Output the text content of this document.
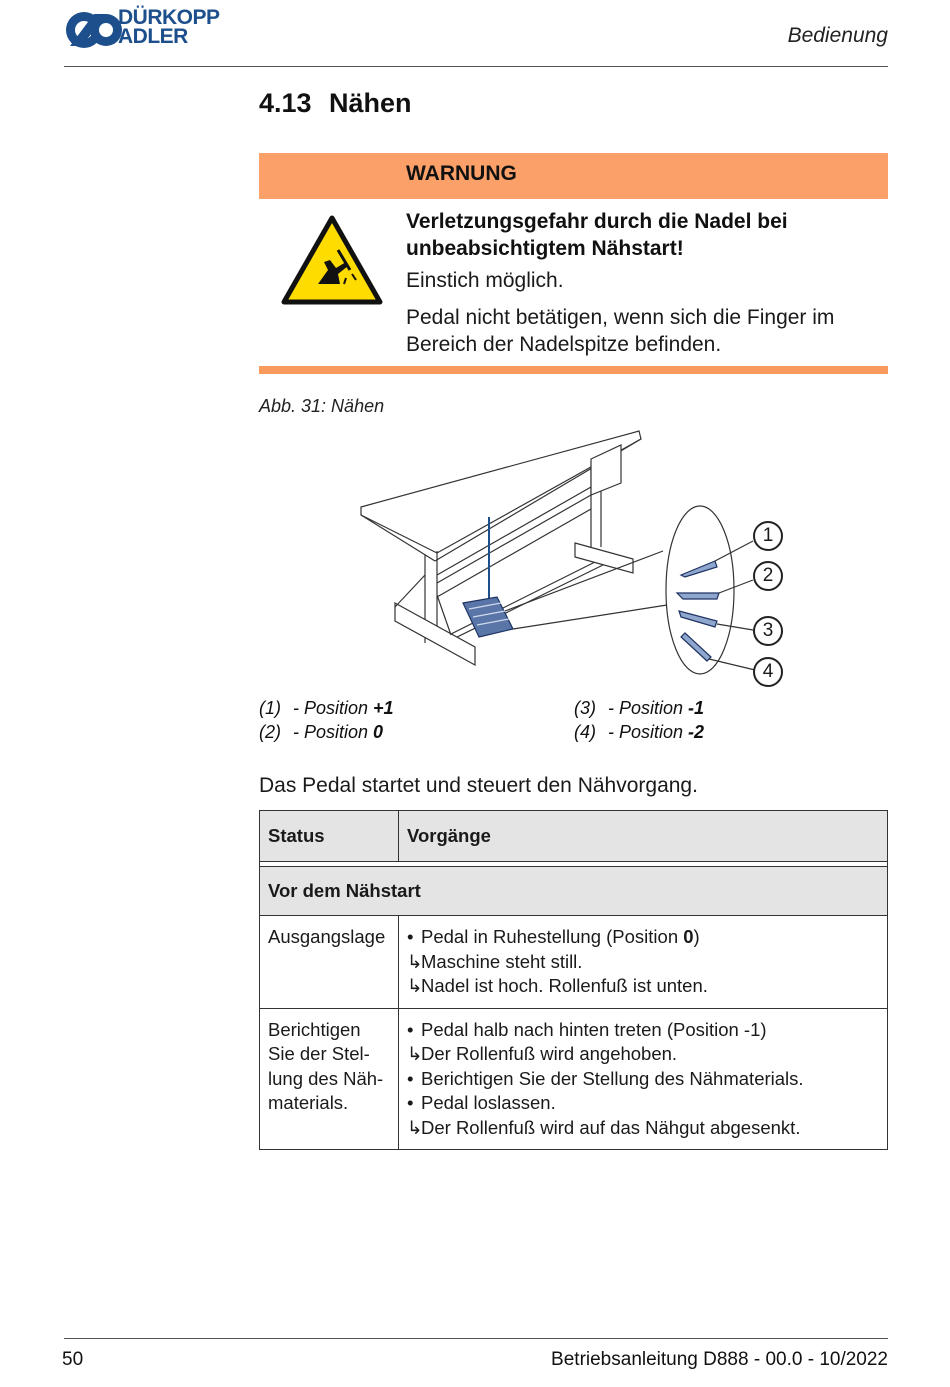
DÜRKOPP
ADLER	Bedienung
4.13 Nähen
WARNUNG
Verletzungsgefahr durch die Nadel bei unbeabsichtigtem Nähstart!
Einstich möglich.
Pedal nicht betätigen, wenn sich die Finger im Bereich der Nadelspitze befinden.
Abb. 31: Nähen
1
2
3
4
(1) - Position +1
(2) - Position 0
(3) - Position -1
(4) - Position -2
Das Pedal startet und steuert den Nähvorgang.
Status	Vorgänge

Vor dem Nähstart	
Ausgangslage	• Pedal in Ruhestellung (Position 0)
↳Maschine steht still.
↳Nadel ist hoch. Rollenfuß ist unten.

Berichtigen Sie der Stellung des Nähmaterials.	• Pedal halb nach hinten treten (Position -1)
↳Der Rollenfuß wird angehoben.
• Berichtigen Sie der Stellung des Nähmaterials.
• Pedal loslassen.
↳Der Rollenfuß wird auf das Nähgut abgesenkt.
50	Betriebsanleitung D888 - 00.0 - 10/2022
